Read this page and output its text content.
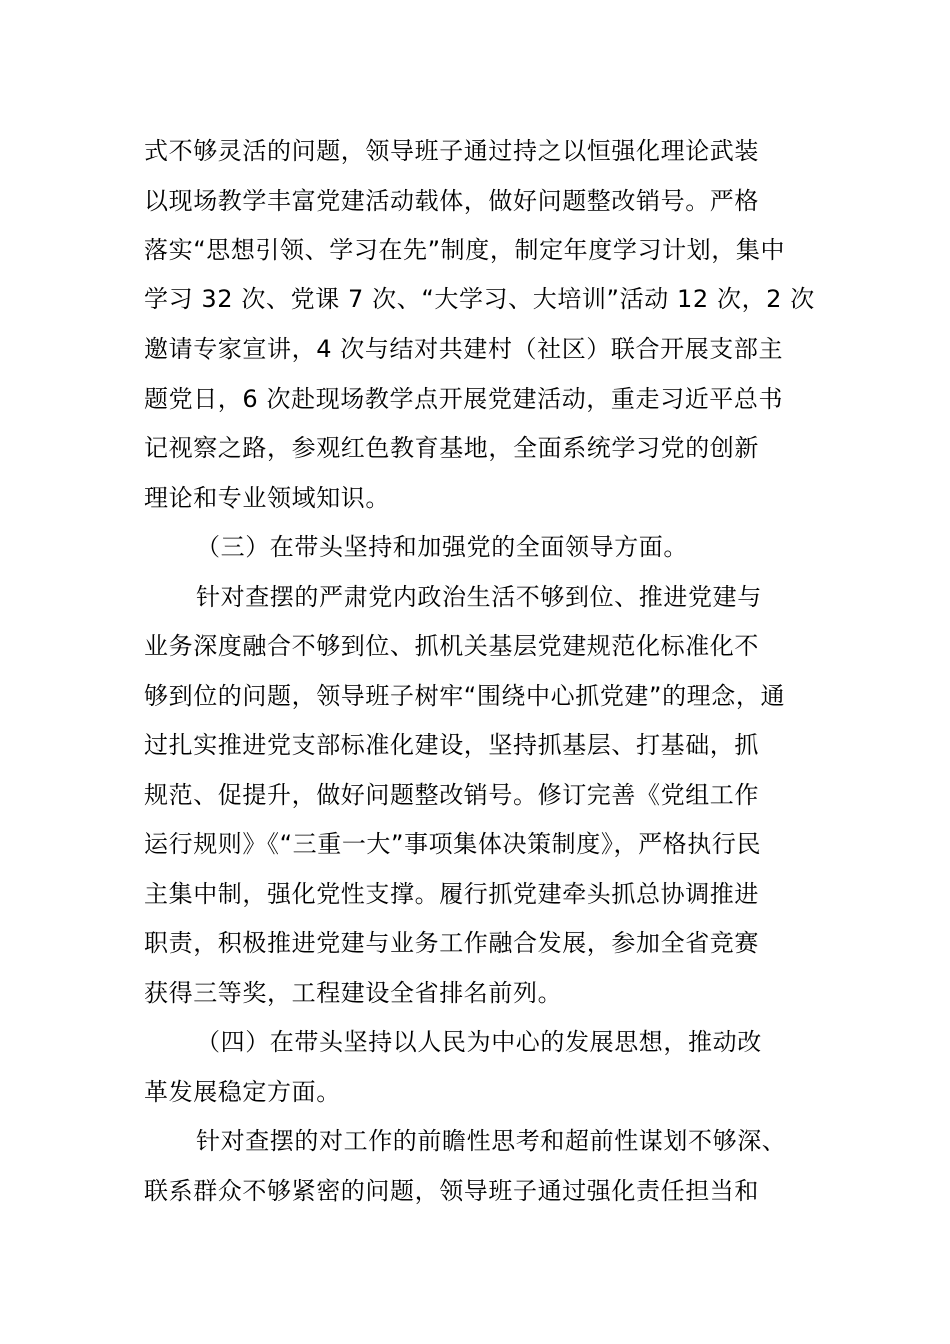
式不够灵活的问题，领导班子通过持之以恒强化理论武装
以现场教学丰富党建活动载体，做好问题整改销号。严格
落实“思想引领、学习在先”制度，制定年度学习计划，集中
学习 32 次、党课 7 次、“大学习、大培训”活动 12 次，2 次
邀请专家宣讲，4 次与结对共建村（社区）联合开展支部主
题党日，6 次赴现场教学点开展党建活动，重走习近平总书
记视察之路，参观红色教育基地，全面系统学习党的创新
理论和专业领域知识。
（三）在带头坚持和加强党的全面领导方面。
针对查摆的严肃党内政治生活不够到位、推进党建与
业务深度融合不够到位、抓机关基层党建规范化标准化不
够到位的问题，领导班子树牢“围绕中心抓党建”的理念，通
过扎实推进党支部标准化建设，坚持抓基层、打基础，抓
规范、促提升，做好问题整改销号。修订完善《党组工作
运行规则》《“三重一大”事项集体决策制度》，严格执行民
主集中制，强化党性支撑。履行抓党建牵头抓总协调推进
职责，积极推进党建与业务工作融合发展，参加全省竞赛
获得三等奖，工程建设全省排名前列。
（四）在带头坚持以人民为中心的发展思想，推动改
革发展稳定方面。
针对查摆的对工作的前瞻性思考和超前性谋划不够深、
联系群众不够紧密的问题，领导班子通过强化责任担当和
